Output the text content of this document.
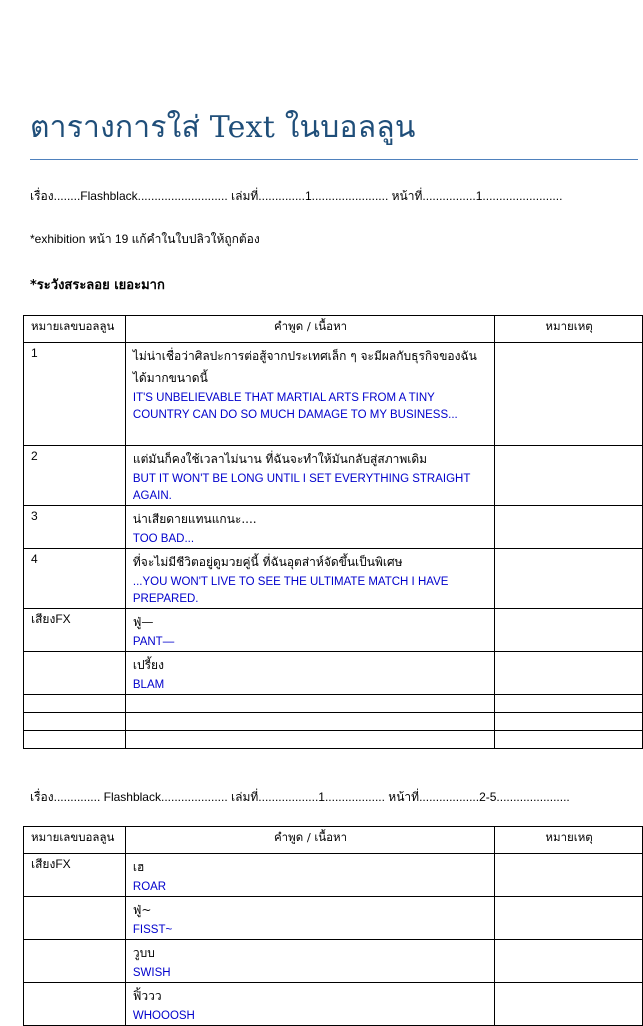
ตารางการใส่ Text ในบอลลูน
เรื่อง........Flashblack........................... เล่มที่..............1....................... หน้าที่................1........................
*exhibition หน้า 19 แก้คำในใบปลิวให้ถูกต้อง
*ระวังสระลอย เยอะมาก
หมายเลขบอลลูน	คำพูด / เนื้อหา	หมายเหตุ
1	ไม่น่าเชื่อว่าศิลปะการต่อสู้จากประเทศเล็ก ๆ จะมีผลกับธุรกิจของฉันได้มากขนาดนี้
IT'S UNBELIEVABLE THAT MARTIAL ARTS FROM A TINY COUNTRY CAN DO SO MUCH DAMAGE TO MY BUSINESS...	

2	แต่มันก็คงใช้เวลาไม่นาน ที่ฉันจะทำให้มันกลับสู่สภาพเดิม
BUT IT WON'T BE LONG UNTIL I SET EVERYTHING STRAIGHT AGAIN.	

3	น่าเสียดายแทนแกนะ....
TOO BAD...	

4	ที่จะไม่มีชีวิตอยู่ดูมวยคู่นี้ ที่ฉันอุตส่าห์จัดขึ้นเป็นพิเศษ
...YOU WON'T LIVE TO SEE THE ULTIMATE MATCH I HAVE PREPARED.	

เสียงFX	ฟู่—
PANT—	

	เปรี้ยง
BLAM	

เรื่อง.............. Flashblack.................... เล่มที่..................1.................. หน้าที่..................2-5......................
หมายเลขบอลลูน	คำพูด / เนื้อหา	หมายเหตุ
เสียงFX	เฮ
ROAR	

	ฟู่~
FISST~	

	วูบบ
SWISH	

	ฟิ้ววว
WHOOOSH	
